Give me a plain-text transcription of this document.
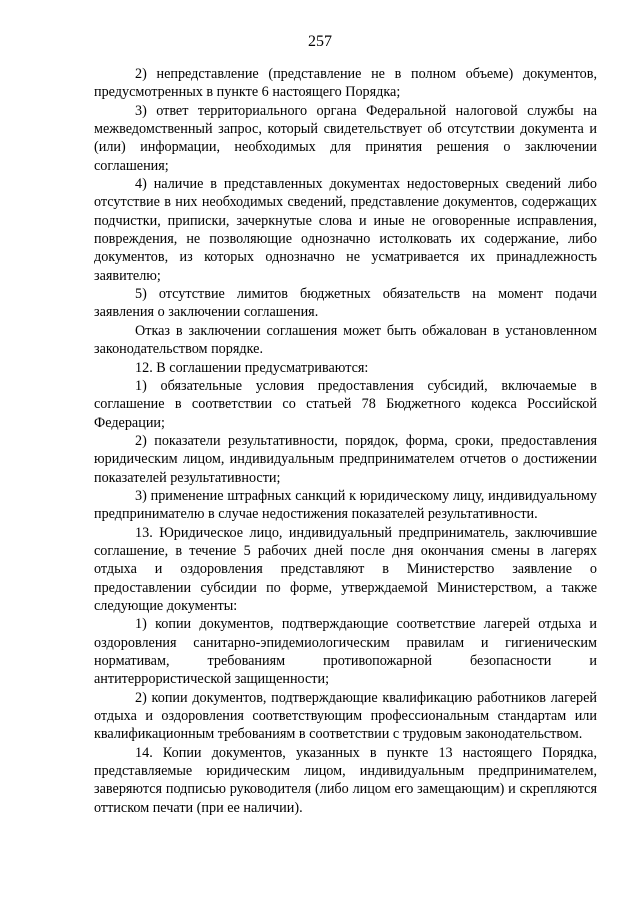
257

2) непредставление (представление не в полном объеме) документов, предусмотренных в пункте 6 настоящего Порядка;

3) ответ территориального органа Федеральной налоговой службы на межведомственный запрос, который свидетельствует об отсутствии документа и (или) информации, необходимых для принятия решения о заключении соглашения;

4) наличие в представленных документах недостоверных сведений либо отсутствие в них необходимых сведений, представление документов, содержащих подчистки, приписки, зачеркнутые слова и иные не оговоренные исправления, повреждения, не позволяющие однозначно истолковать их содержание, либо документов, из которых однозначно не усматривается их принадлежность заявителю;

5) отсутствие лимитов бюджетных обязательств на момент подачи заявления о заключении соглашения.

Отказ в заключении соглашения может быть обжалован в установленном законодательством порядке.

12. В соглашении предусматриваются:

1) обязательные условия предоставления субсидий, включаемые в соглашение в соответствии со статьей 78 Бюджетного кодекса Российской Федерации;

2) показатели результативности, порядок, форма, сроки, предоставления юридическим лицом, индивидуальным предпринимателем отчетов о достижении показателей результативности;

3) применение штрафных санкций к юридическому лицу, индивидуальному предпринимателю в случае недостижения показателей результативности.

13. Юридическое лицо, индивидуальный предприниматель, заключившие соглашение, в течение 5 рабочих дней после дня окончания смены в лагерях отдыха и оздоровления представляют в Министерство заявление о предоставлении субсидии по форме, утверждаемой Министерством, а также следующие документы:

1) копии документов, подтверждающие соответствие лагерей отдыха и оздоровления санитарно-эпидемиологическим правилам и гигиеническим нормативам, требованиям противопожарной безопасности и антитеррористической защищенности;

2) копии документов, подтверждающие квалификацию работников лагерей отдыха и оздоровления соответствующим профессиональным стандартам или квалификационным требованиям в соответствии с трудовым законодательством.

14. Копии документов, указанных в пункте 13 настоящего Порядка, представляемые юридическим лицом, индивидуальным предпринимателем, заверяются подписью руководителя (либо лицом его замещающим) и скрепляются оттиском печати (при ее наличии).
